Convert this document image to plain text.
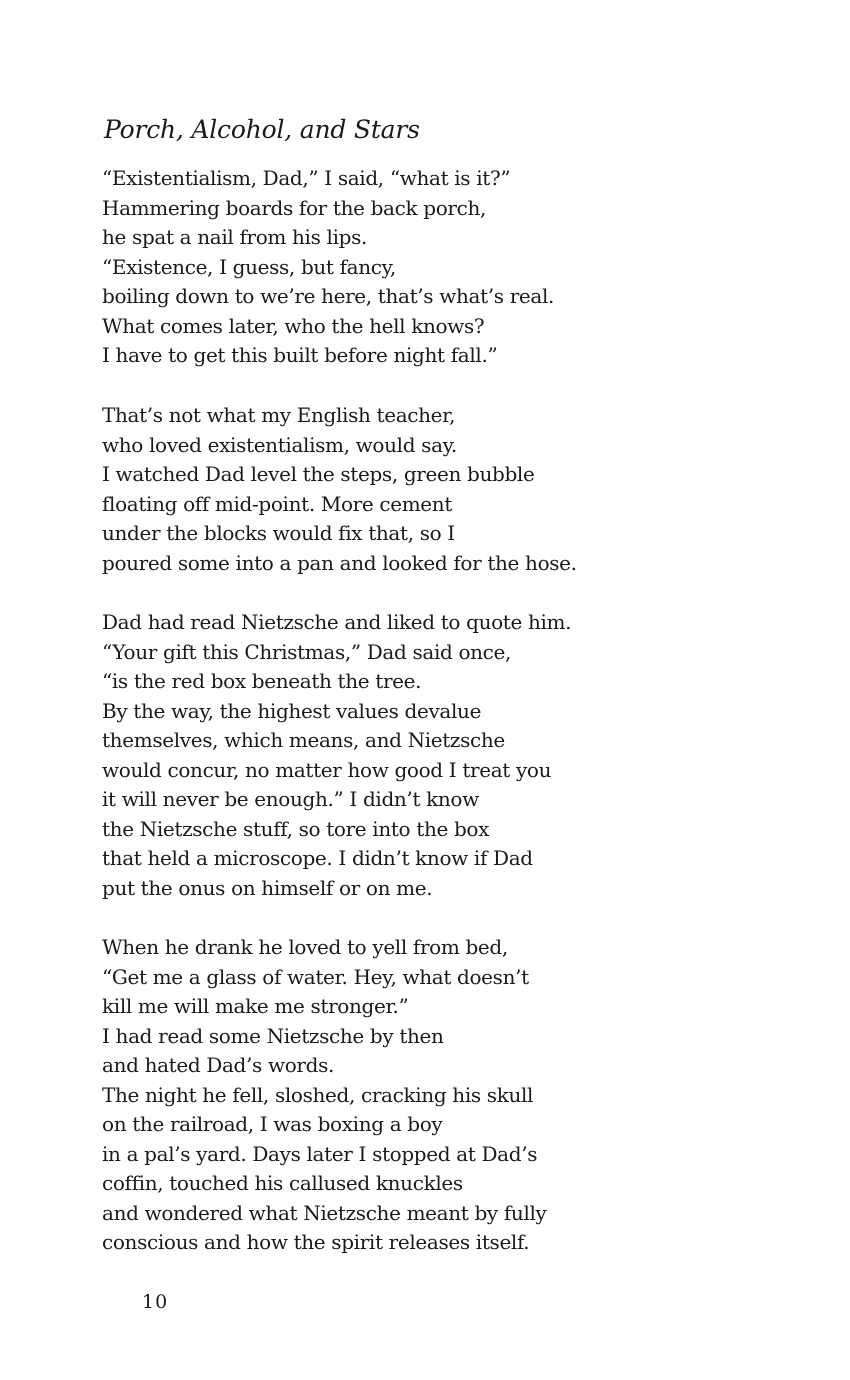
Porch, Alcohol, and Stars
“Existentialism, Dad,” I said, “what is it?”
Hammering boards for the back porch,
he spat a nail from his lips.
“Existence, I guess, but fancy,
boiling down to we’re here, that’s what’s real.
What comes later, who the hell knows?
I have to get this built before night fall.”
That’s not what my English teacher,
who loved existentialism, would say.
I watched Dad level the steps, green bubble
floating off mid-point. More cement
under the blocks would fix that, so I
poured some into a pan and looked for the hose.
Dad had read Nietzsche and liked to quote him.
“Your gift this Christmas,” Dad said once,
“is the red box beneath the tree.
By the way, the highest values devalue
themselves, which means, and Nietzsche
would concur, no matter how good I treat you
it will never be enough.” I didn’t know
the Nietzsche stuff, so tore into the box
that held a microscope. I didn’t know if Dad
put the onus on himself or on me.
When he drank he loved to yell from bed,
“Get me a glass of water. Hey, what doesn’t
kill me will make me stronger.”
I had read some Nietzsche by then
and hated Dad’s words.
The night he fell, sloshed, cracking his skull
on the railroad, I was boxing a boy
in a pal’s yard. Days later I stopped at Dad’s
coffin, touched his callused knuckles
and wondered what Nietzsche meant by fully
conscious and how the spirit releases itself.
10
